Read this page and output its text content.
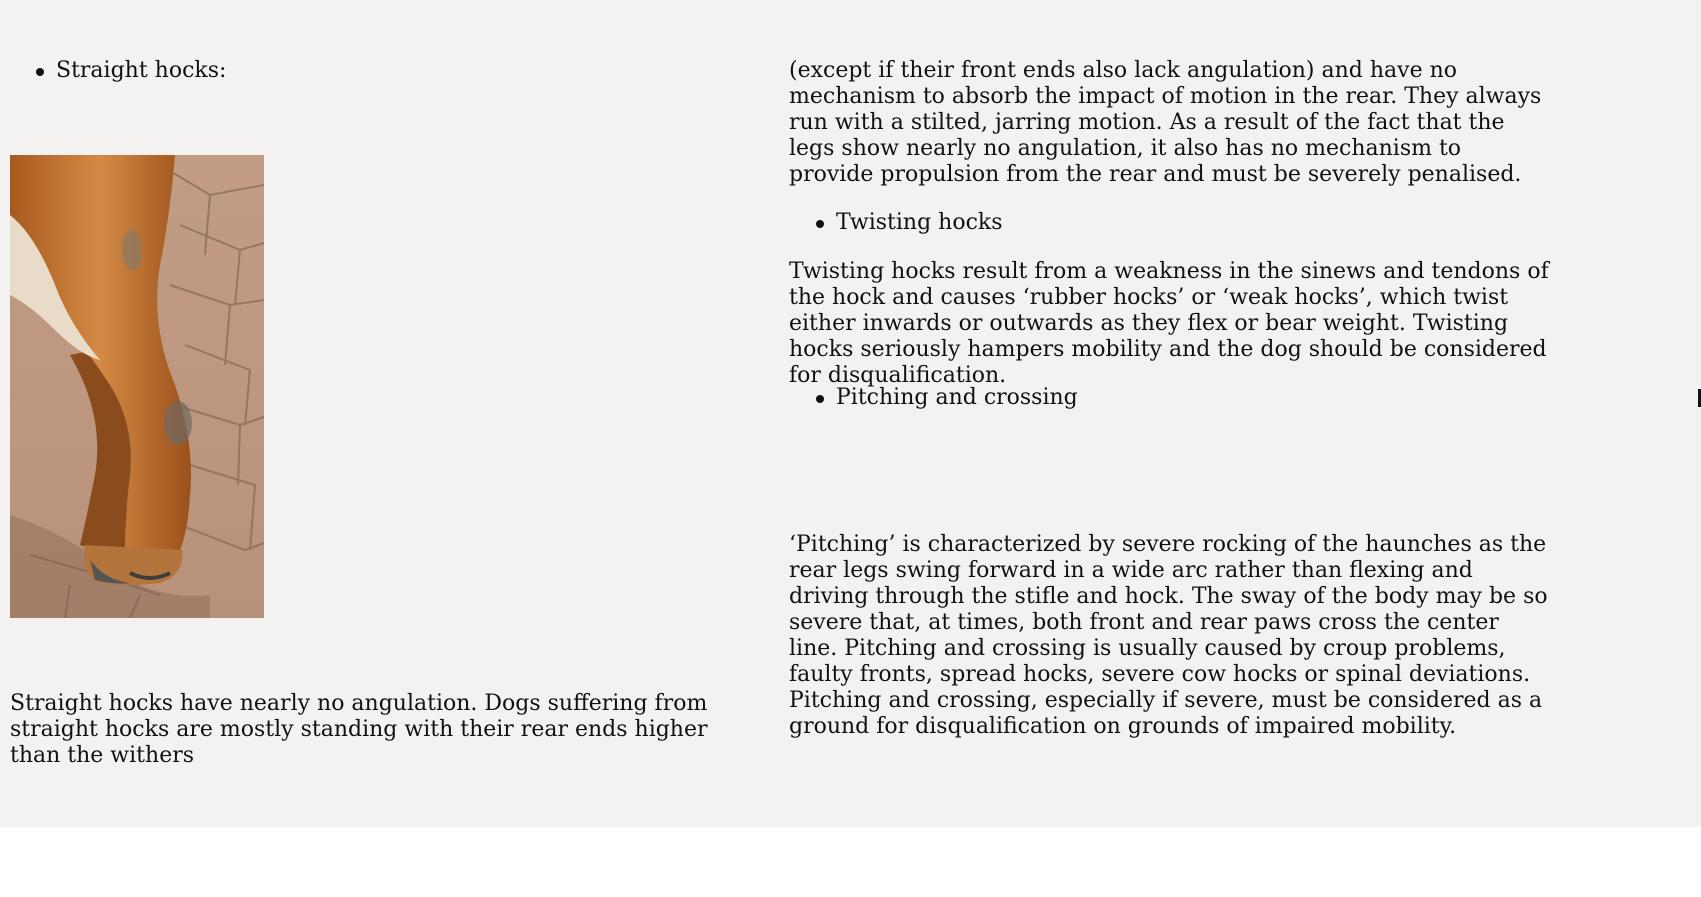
Straight hocks:

Straight hocks have nearly no angulation. Dogs suffering from straight hocks are mostly standing with their rear ends higher than the withers

(except if their front ends also lack angulation) and have no mechanism to absorb the impact of motion in the rear. They always run with a stilted, jarring motion. As a result of the fact that the legs show nearly no angulation, it also has no mechanism to provide propulsion from the rear and must be severely penalised.

Twisting hocks

Twisting hocks result from a weakness in the sinews and tendons of the hock and causes ‘rubber hocks’ or ‘weak hocks’, which twist either inwards or outwards as they flex or bear weight. Twisting hocks seriously hampers mobility and the dog should be considered for disqualification.

Pitching and crossing

‘Pitching’ is characterized by severe rocking of the haunches as the rear legs swing forward in a wide arc rather than flexing and driving through the stifle and hock. The sway of the body may be so severe that, at times, both front and rear paws cross the center line. Pitching and crossing is usually caused by croup problems, faulty fronts, spread hocks, severe cow hocks or spinal deviations. Pitching and crossing, especially if severe, must be considered as a ground for disqualification on grounds of impaired mobility.
